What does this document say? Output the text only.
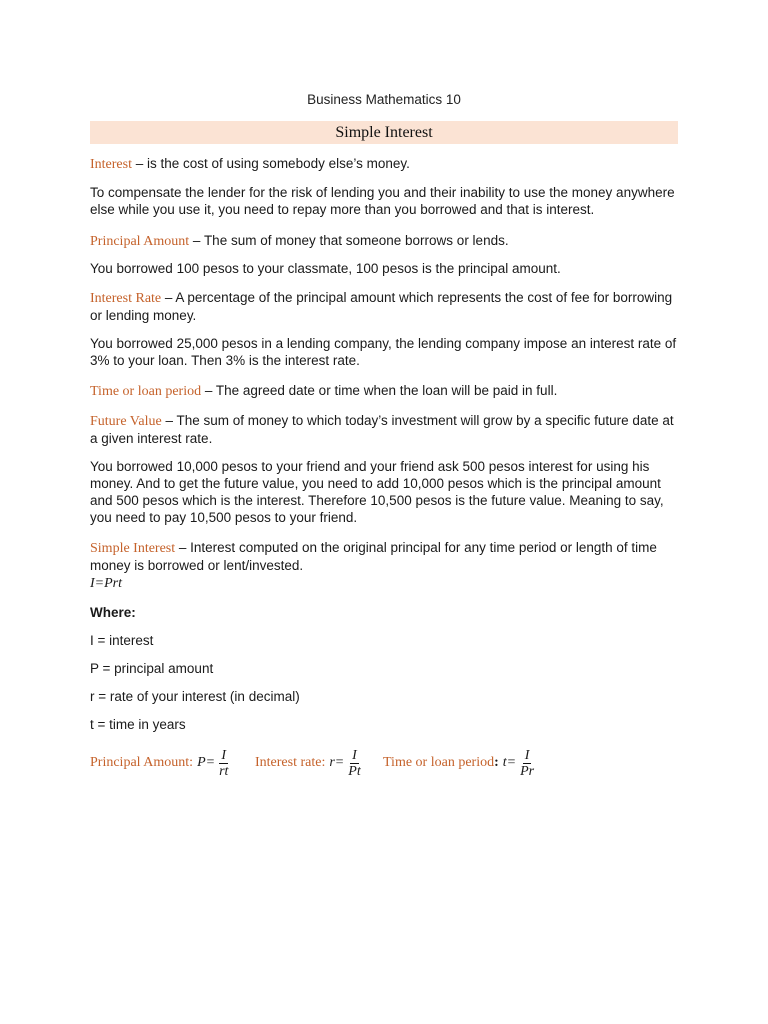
Business Mathematics 10
Simple Interest

Interest – is the cost of using somebody else’s money.

To compensate the lender for the risk of lending you and their inability to use the money anywhere else while you use it, you need to repay more than you borrowed and that is interest.

Principal Amount – The sum of money that someone borrows or lends.

You borrowed 100 pesos to your classmate, 100 pesos is the principal amount.

Interest Rate – A percentage of the principal amount which represents the cost of fee for borrowing or lending money.

You borrowed 25,000 pesos in a lending company, the lending company impose an interest rate of 3% to your loan. Then 3% is the interest rate.

Time or loan period – The agreed date or time when the loan will be paid in full.

Future Value – The sum of money to which today’s investment will grow by a specific future date at a given interest rate.

You borrowed 10,000 pesos to your friend and your friend ask 500 pesos interest for using his money. And to get the future value, you need to add 10,000 pesos which is the principal amount and 500 pesos which is the interest. Therefore 10,500 pesos is the future value. Meaning to say, you need to pay 10,500 pesos to your friend.

Simple Interest – Interest computed on the original principal for any time period or length of time money is borrowed or lent/invested.

I=Prt

Where:

I = interest

P = principal amount

r = rate of your interest (in decimal)

t = time in years

Principal Amount: $P= \frac{I}{rt}$ Interest rate: $r= \frac{I}{Pt}$ Time or loan period : $t= \frac{I}{Pr}$
